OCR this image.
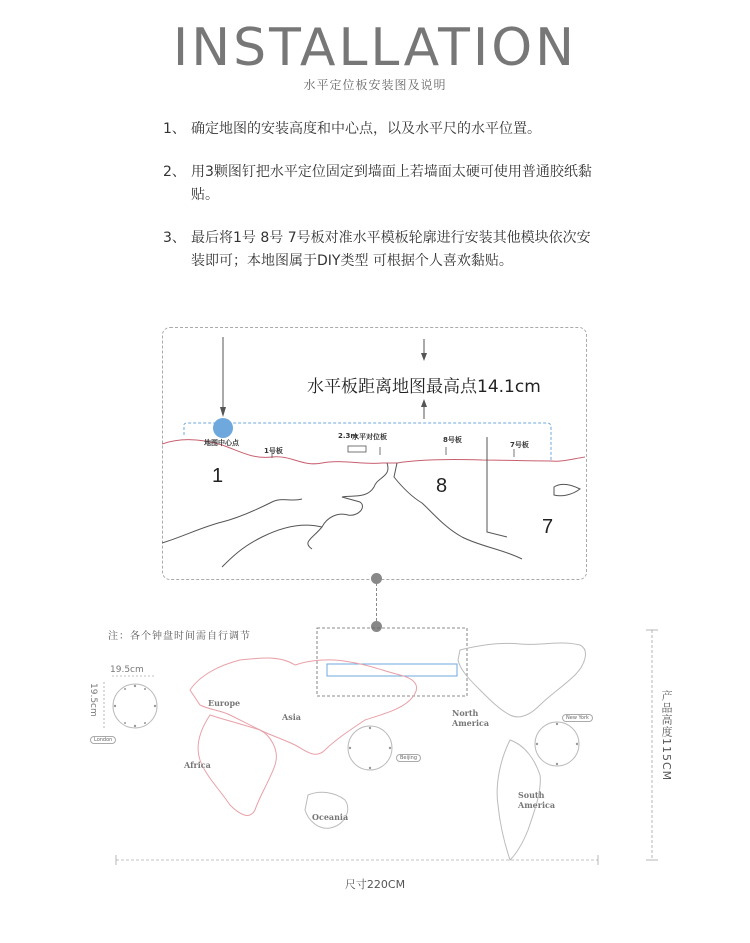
INSTALLATION
水平定位板安装图及说明
1、 确定地图的安装高度和中心点，以及水平尺的水平位置。
2、 用3颗图钉把水平定位固定到墙面上若墙面太硬可使用普通胶纸黏贴。
3、 最后将1号 8号 7号板对准水平模板轮廓进行安装其他模块依次安装即可；本地图属于DIY类型 可根据个人喜欢黏贴。
水平板距离地图最高点14.1cm
地图中心点
水平对位板
2.3m
1号板
8号板
7号板
1	8
7
注：各个钟盘时间需自行调节
19.5cm
19.5cm
London
Beijing
New York
Europe
Asia
Africa
Oceania
North America
South America
尺寸220CM
产品高度115CM
